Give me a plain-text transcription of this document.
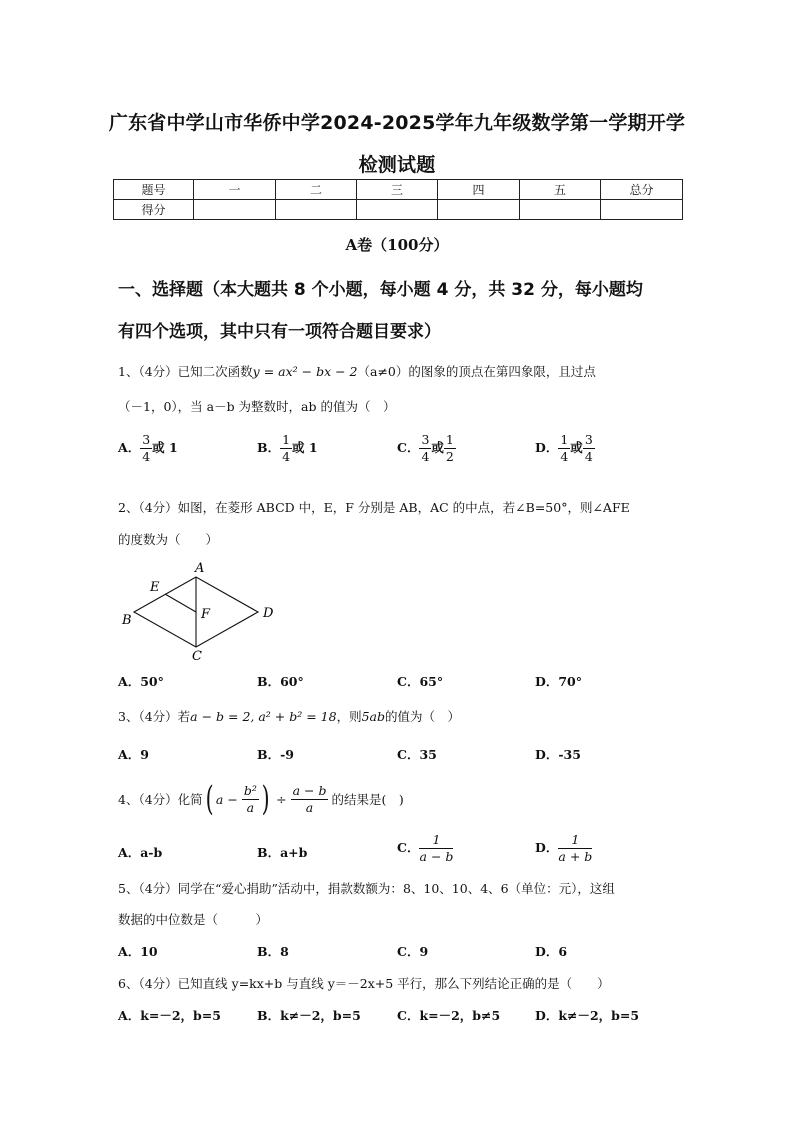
广东省中学山市华侨中学2024-2025学年九年级数学第一学期开学
检测试题
题号	一	二	三	四	五	总分
得分						
A卷（100分）
一、选择题（本大题共 8 个小题，每小题 4 分，共 32 分，每小题均
有四个选项，其中只有一项符合题目要求）
1、（4分）已知二次函数y = ax² − bx − 2（a≠0）的图象的顶点在第四象限，且过点
（－1，0），当 a－b 为整数时，ab 的值为（　）
A． $\frac{3}{4}$ 或 1	B． $\frac{1}{4}$ 或 1	C． $\frac{3}{4}$ 或 $\frac{1}{2}$	D． $\frac{1}{4}$ 或 $\frac{3}{4}$
2、（4分）如图，在菱形 ABCD 中，E，F 分别是 AB，AC 的中点，若∠B=50°，则∠AFE
的度数为（　　）
A
E
F
B	D
C
A．50°	B．60°	C．65°	D．70°
3、（4分）若a − b = 2, a² + b² = 18，则5ab的值为（　）
A．9	B．-9	C．35	D．-35
4、（4分）化简 ( $a - \frac{\text{b²}}{a}$ ) ÷ $\frac{a - b}{a}$ 的结果是(　)
A．a-b	B．a+b	C． $\frac{1}{a - b}$	D． $\frac{1}{a + b}$
5、（4分）同学在“爱心捐助”活动中，捐款数额为：8、10、10、4、6（单位：元），这组
数据的中位数是（　　　）
A．10	B．8	C．9	D．6
6、（4分）已知直线 y=kx+b 与直线 y＝－2x+5 平行，那么下列结论正确的是（　　）
A．k=－2，b=5	B．k≠－2，b=5	C．k=－2，b≠5	D．k≠－2，b=5
